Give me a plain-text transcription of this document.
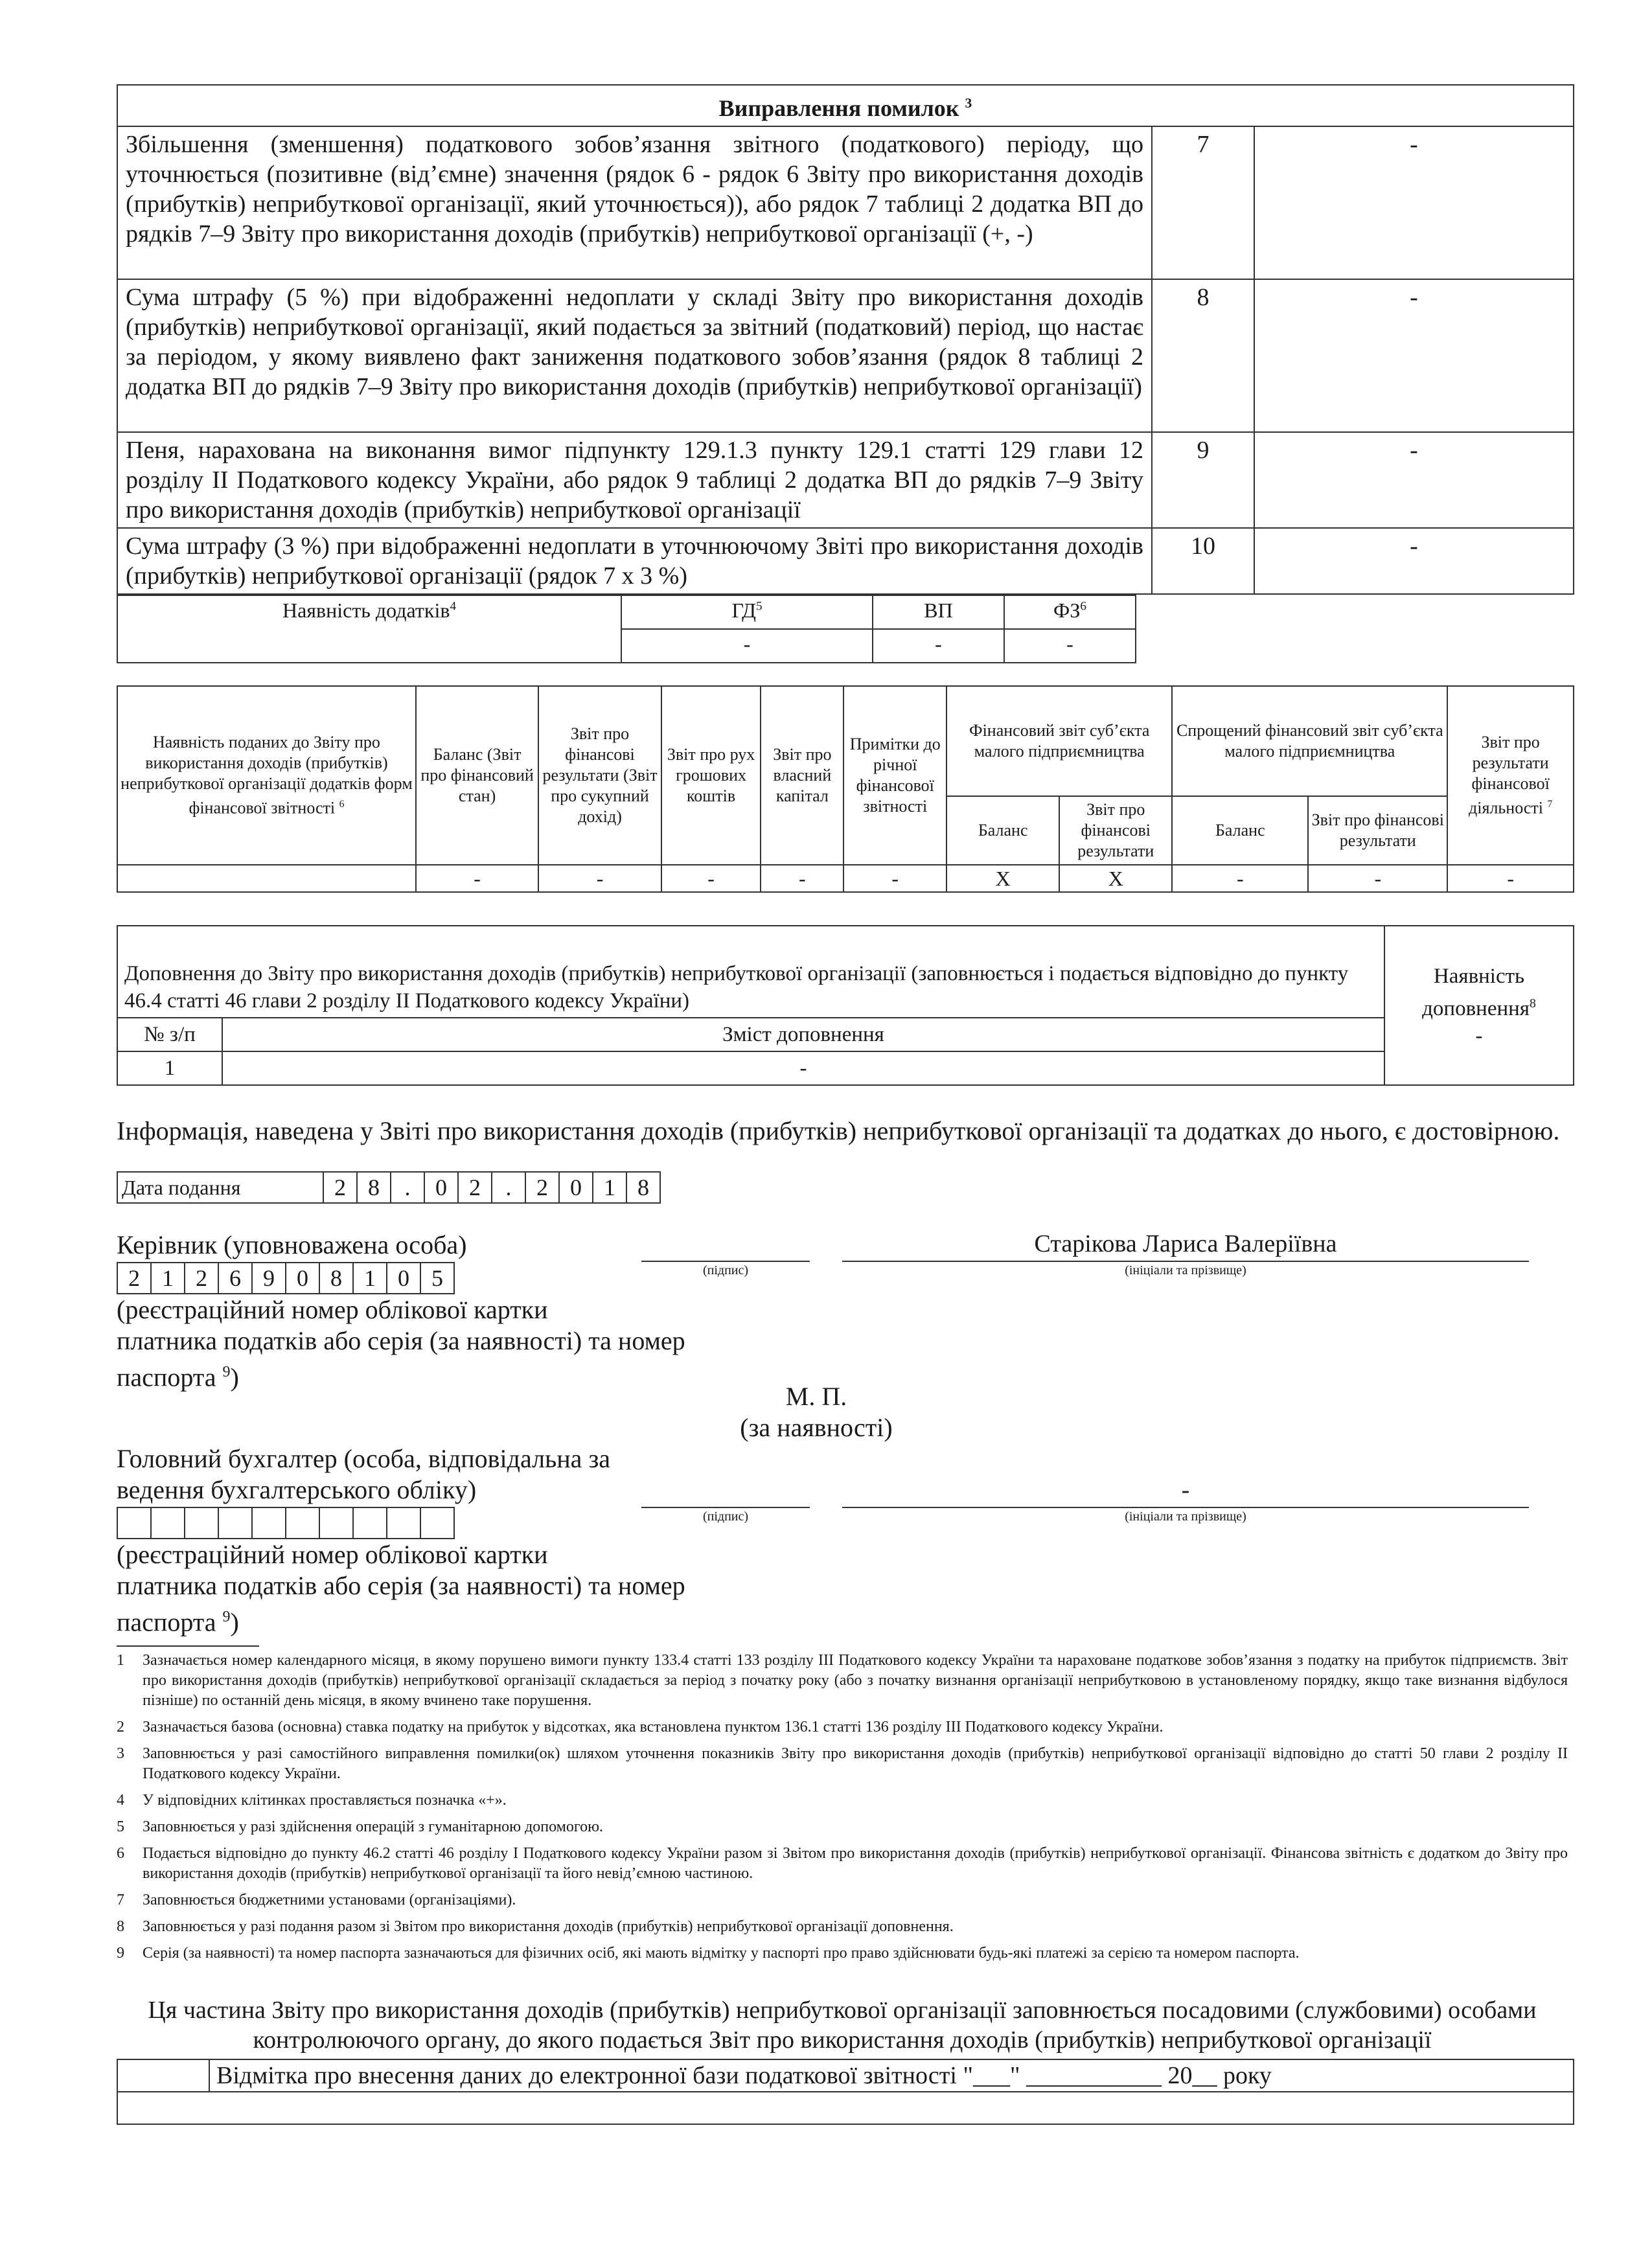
Виправлення помилок $^3$
Збільшення (зменшення) податкового зобов’язання звітного (податкового) періоду, що уточнюється (позитивне (від’ємне) значення (рядок 6 - рядок 6 Звіту про використання доходів (прибутків) неприбуткової організації, який уточнюється)), або рядок 7 таблиці 2 додатка ВП до рядків 7–9 Звіту про використання доходів (прибутків) неприбуткової організації (+, -)	7	-
Сума штрафу (5 %) при відображенні недоплати у складі Звіту про використання доходів (прибутків) неприбуткової організації, який подається за звітний (податковий) період, що настає за періодом, у якому виявлено факт заниження податкового зобов’язання (рядок 8 таблиці 2 додатка ВП до рядків 7–9 Звіту про використання доходів (прибутків) неприбуткової організації)	8	-
Пеня, нарахована на виконання вимог підпункту 129.1.3 пункту 129.1 статті 129 глави 12 розділу ІІ Податкового кодексу України, або рядок 9 таблиці 2 додатка ВП до рядків 7–9 Звіту про використання доходів (прибутків) неприбуткової організації	9	-
Сума штрафу (3 %) при відображенні недоплати в уточнюючому Звіті про використання доходів (прибутків) неприбуткової організації (рядок 7 х 3 %)	10	-
Наявність додатків$^4$	$ГД^5$	ВП	$ФЗ^6$
	-	-	-
Наявність поданих до Звіту про використання доходів (прибутків) неприбуткової організації додатків форм фінансової звітності $^6$	Баланс (Звіт про фінансовий стан)	Звіт про фінансові результати (Звіт про сукупний дохід)	Звіт про рух грошових коштів	Звіт про власний капітал	Примітки до річної фінансової звітності	Фінансовий звіт суб’єкта малого підприємництва		Спрощений фінансовий звіт суб’єкта малого підприємництва		Звіт про результати фінансової діяльності $^7$
						Баланс	Звіт про фінансові результати	Баланс	Звіт про фінансові результати	
	-	-	-	-	-	Х	Х	-	-	-
Доповнення до Звіту про використання доходів (прибутків) неприбуткової організації (заповнюється і подається відповідно до пункту 46.4 статті 46 глави 2 розділу ІІ Податкового кодексу України)		Наявність доповнення$^8$
-
№ з/п	Зміст доповнення	
1	-	
Інформація, наведена у Звіті про використання доходів (прибутків) неприбуткової організації та додатках до нього, є достовірною.
Дата подання	2	8	.	0	2	.	2	0	1	8
Керівник (уповноважена особа)
2	1	2	6	9	0	8	1	0	5
(реєстраційний номер облікової картки
платника податків або серія (за наявності) та номер
паспорта $^9$)
(підпис)
Старікова Лариса Валеріївна
(ініціали та прізвище)
М. П.
(за наявності)
Головний бухгалтер (особа, відповідальна за
ведення бухгалтерського обліку)

(реєстраційний номер облікової картки
платника податків або серія (за наявності) та номер
паспорта $^9$)
(підпис)
-
(ініціали та прізвище)
1 Зазначається номер календарного місяця, в якому порушено вимоги пункту 133.4 статті 133 розділу ІІІ Податкового кодексу України та нараховане податкове зобов’язання з податку на прибуток підприємств. Звіт про використання доходів (прибутків) неприбуткової організації складається за період з початку року (або з початку визнання організації неприбутковою в установленому порядку, якщо таке визнання відбулося пізніше) по останній день місяця, в якому вчинено таке порушення.
2 Зазначається базова (основна) ставка податку на прибуток у відсотках, яка встановлена пунктом 136.1 статті 136 розділу ІІІ Податкового кодексу України.
3 Заповнюється у разі самостійного виправлення помилки(ок) шляхом уточнення показників Звіту про використання доходів (прибутків) неприбуткової організації відповідно до статті 50 глави 2 розділу ІІ Податкового кодексу України.
4 У відповідних клітинках проставляється позначка «+».
5 Заповнюється у разі здійснення операцій з гуманітарною допомогою.
6 Подається відповідно до пункту 46.2 статті 46 розділу І Податкового кодексу України разом зі Звітом про використання доходів (прибутків) неприбуткової організації. Фінансова звітність є додатком до Звіту про використання доходів (прибутків) неприбуткової організації та його невід’ємною частиною.
7 Заповнюється бюджетними установами (організаціями).
8 Заповнюється у разі подання разом зі Звітом про використання доходів (прибутків) неприбуткової організації доповнення.
9 Серія (за наявності) та номер паспорта зазначаються для фізичних осіб, які мають відмітку у паспорті про право здійснювати будь-які платежі за серією та номером паспорта.
Ця частина Звіту про використання доходів (прибутків) неприбуткової організації заповнюється посадовими (службовими) особами
контролюючого органу, до якого подається Звіт про використання доходів (прибутків) неприбуткової організації
	Відмітка про внесення даних до електронної бази податкової звітності "___" ___________ 20__ року
